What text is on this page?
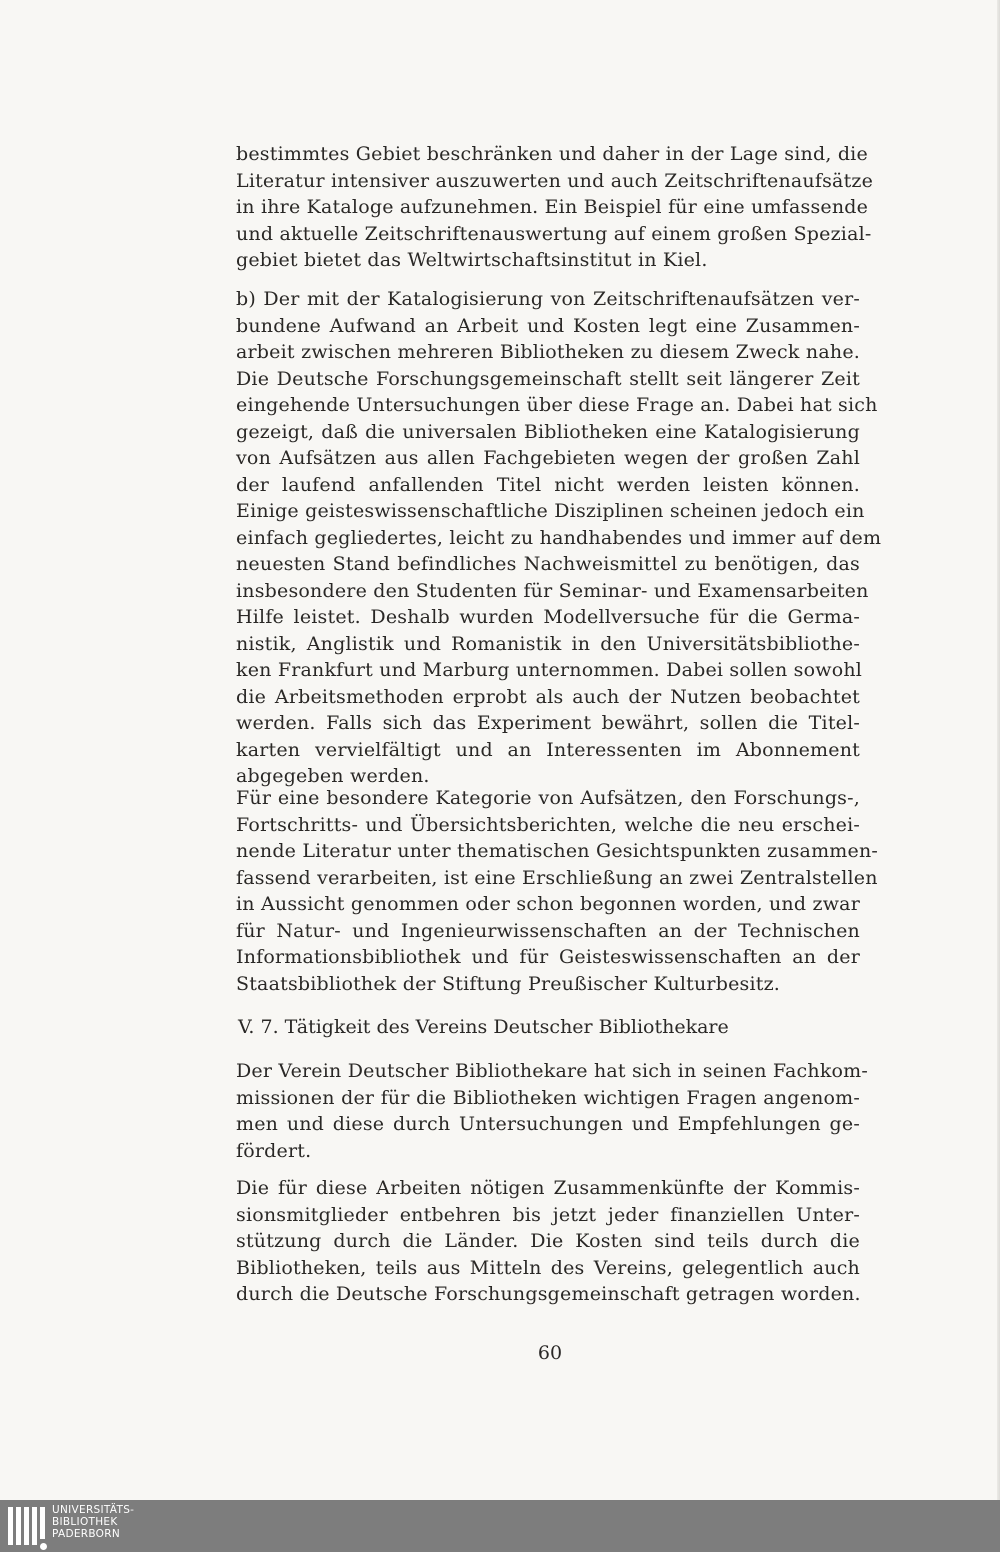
bestimmtes Gebiet beschränken und daher in der Lage sind, die
Literatur intensiver auszuwerten und auch Zeitschriftenaufsätze
in ihre Kataloge aufzunehmen. Ein Beispiel für eine umfassende
und aktuelle Zeitschriftenauswertung auf einem großen Spezial-
gebiet bietet das Weltwirtschaftsinstitut in Kiel.
b) Der mit der Katalogisierung von Zeitschriftenaufsätzen ver-
bundene Aufwand an Arbeit und Kosten legt eine Zusammen-
arbeit zwischen mehreren Bibliotheken zu diesem Zweck nahe.
Die Deutsche Forschungsgemeinschaft stellt seit längerer Zeit
eingehende Untersuchungen über diese Frage an. Dabei hat sich
gezeigt, daß die universalen Bibliotheken eine Katalogisierung
von Aufsätzen aus allen Fachgebieten wegen der großen Zahl
der laufend anfallenden Titel nicht werden leisten können.
Einige geisteswissenschaftliche Disziplinen scheinen jedoch ein
einfach gegliedertes, leicht zu handhabendes und immer auf dem
neuesten Stand befindliches Nachweismittel zu benötigen, das
insbesondere den Studenten für Seminar- und Examensarbeiten
Hilfe leistet. Deshalb wurden Modellversuche für die Germa-
nistik, Anglistik und Romanistik in den Universitätsbibliothe-
ken Frankfurt und Marburg unternommen. Dabei sollen sowohl
die Arbeitsmethoden erprobt als auch der Nutzen beobachtet
werden. Falls sich das Experiment bewährt, sollen die Titel-
karten vervielfältigt und an Interessenten im Abonnement
abgegeben werden.
Für eine besondere Kategorie von Aufsätzen, den Forschungs-,
Fortschritts- und Übersichtsberichten, welche die neu erschei-
nende Literatur unter thematischen Gesichtspunkten zusammen-
fassend verarbeiten, ist eine Erschließung an zwei Zentralstellen
in Aussicht genommen oder schon begonnen worden, und zwar
für Natur- und Ingenieurwissenschaften an der Technischen
Informationsbibliothek und für Geisteswissenschaften an der
Staatsbibliothek der Stiftung Preußischer Kulturbesitz.
V. 7. Tätigkeit des Vereins Deutscher Bibliothekare
Der Verein Deutscher Bibliothekare hat sich in seinen Fachkom-
missionen der für die Bibliotheken wichtigen Fragen angenom-
men und diese durch Untersuchungen und Empfehlungen ge-
fördert.
Die für diese Arbeiten nötigen Zusammenkünfte der Kommis-
sionsmitglieder entbehren bis jetzt jeder finanziellen Unter-
stützung durch die Länder. Die Kosten sind teils durch die
Bibliotheken, teils aus Mitteln des Vereins, gelegentlich auch
durch die Deutsche Forschungsgemeinschaft getragen worden.
60
UNIVERSITÄTS-
BIBLIOTHEK
PADERBORN
